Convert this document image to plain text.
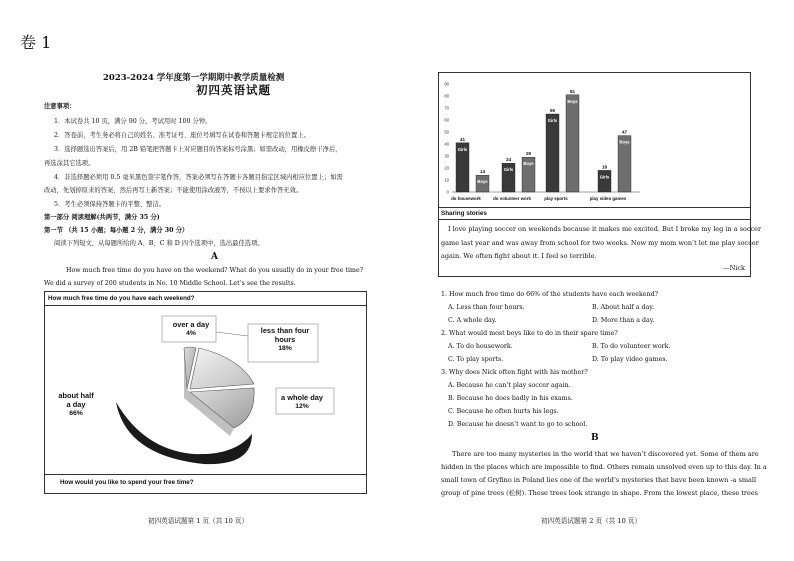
卷 1
2023-2024 学年度第一学期期中教学质量检测
初四英语试题
注意事项：
1．本试卷共 10 页，满分 90 分，考试用时 100 分钟。
2．答卷前，考生务必将自己的姓名、准考证号、座位号填写在试卷和答题卡规定的位置上。
3．选择题选出答案后，用 2B 铅笔把答题卡上对应题目的答案标号涂黑；如需改动，用橡皮擦干净后，
再选涂其它选项。
4．非选择题必须用 0.5 毫米黑色签字笔作答，答案必须写在答题卡各题目指定区域内相应位置上；如需
改动，先划掉原来的答案，然后再写上新答案；不能使用涂改液等，不按以上要求作答无效。
5．考生必须保持答题卡的平整、整洁。
第一部分 阅读理解(共两节，满分 35 分)
第一节 （共 15 小题；每小题 2 分，满分 30 分）
阅读下列短文，从每题所给的 A、B、C 和 D 四个选项中，选出最佳选项。
A
How much free time do you have on the weekend? What do you usually do in your free time?
We did a survey of 200 students in No. 10 Middle School. Let’s see the results.
How much free time do you have each weekend?
How would you like to spend your free time?
over a day
4%	less than four
hours
18%
a whole day
12%
about half
a day
66%
初四英语试题第 1 页（共 10 页）
0
10
20
30
40
50
60
70
80
90
do housework	do volunteer work	play sports	play video games
41
Girls
14
Boys
24
Girls
29
Boys
65
Girls
81
Boys
18
Girls
47
Boys
Sharing stories
I love playing soccer on weekends because it makes me excited. But I broke my leg in a soccer
game last year and was away from school for two weeks. Now my mom won’t let me play soccer
again. We often fight about it. I feel so terrible.
---Nick
1. How much free time do 66% of the students have each weekend?
A. Less than four hours.	B. About half a day.
C. A whole day.	D. More than a day.
2. What would most boys like to do in their spare time?
A. To do housework.	B. To do volunteer work.
C. To play sports.	D. To play video games.
3. Why does Nick often fight with his mother?
A. Because he can’t play soccer again.
B. Because he does badly in his exams.
C. Because he often hurts his legs.
D. Because he doesn’t want to go to school.
B
There are too many mysteries in the world that we haven’t discovered yet. Some of them are
hidden in the places which are impossible to find. Others remain unsolved even up to this day. In a
small town of Gryfino in Poland lies one of the world’s mysteries that have been known -a small
group of pine trees (松树). These trees look strange in shape. From the lowest place, these trees
初四英语试题第 2 页（共 10 页）
